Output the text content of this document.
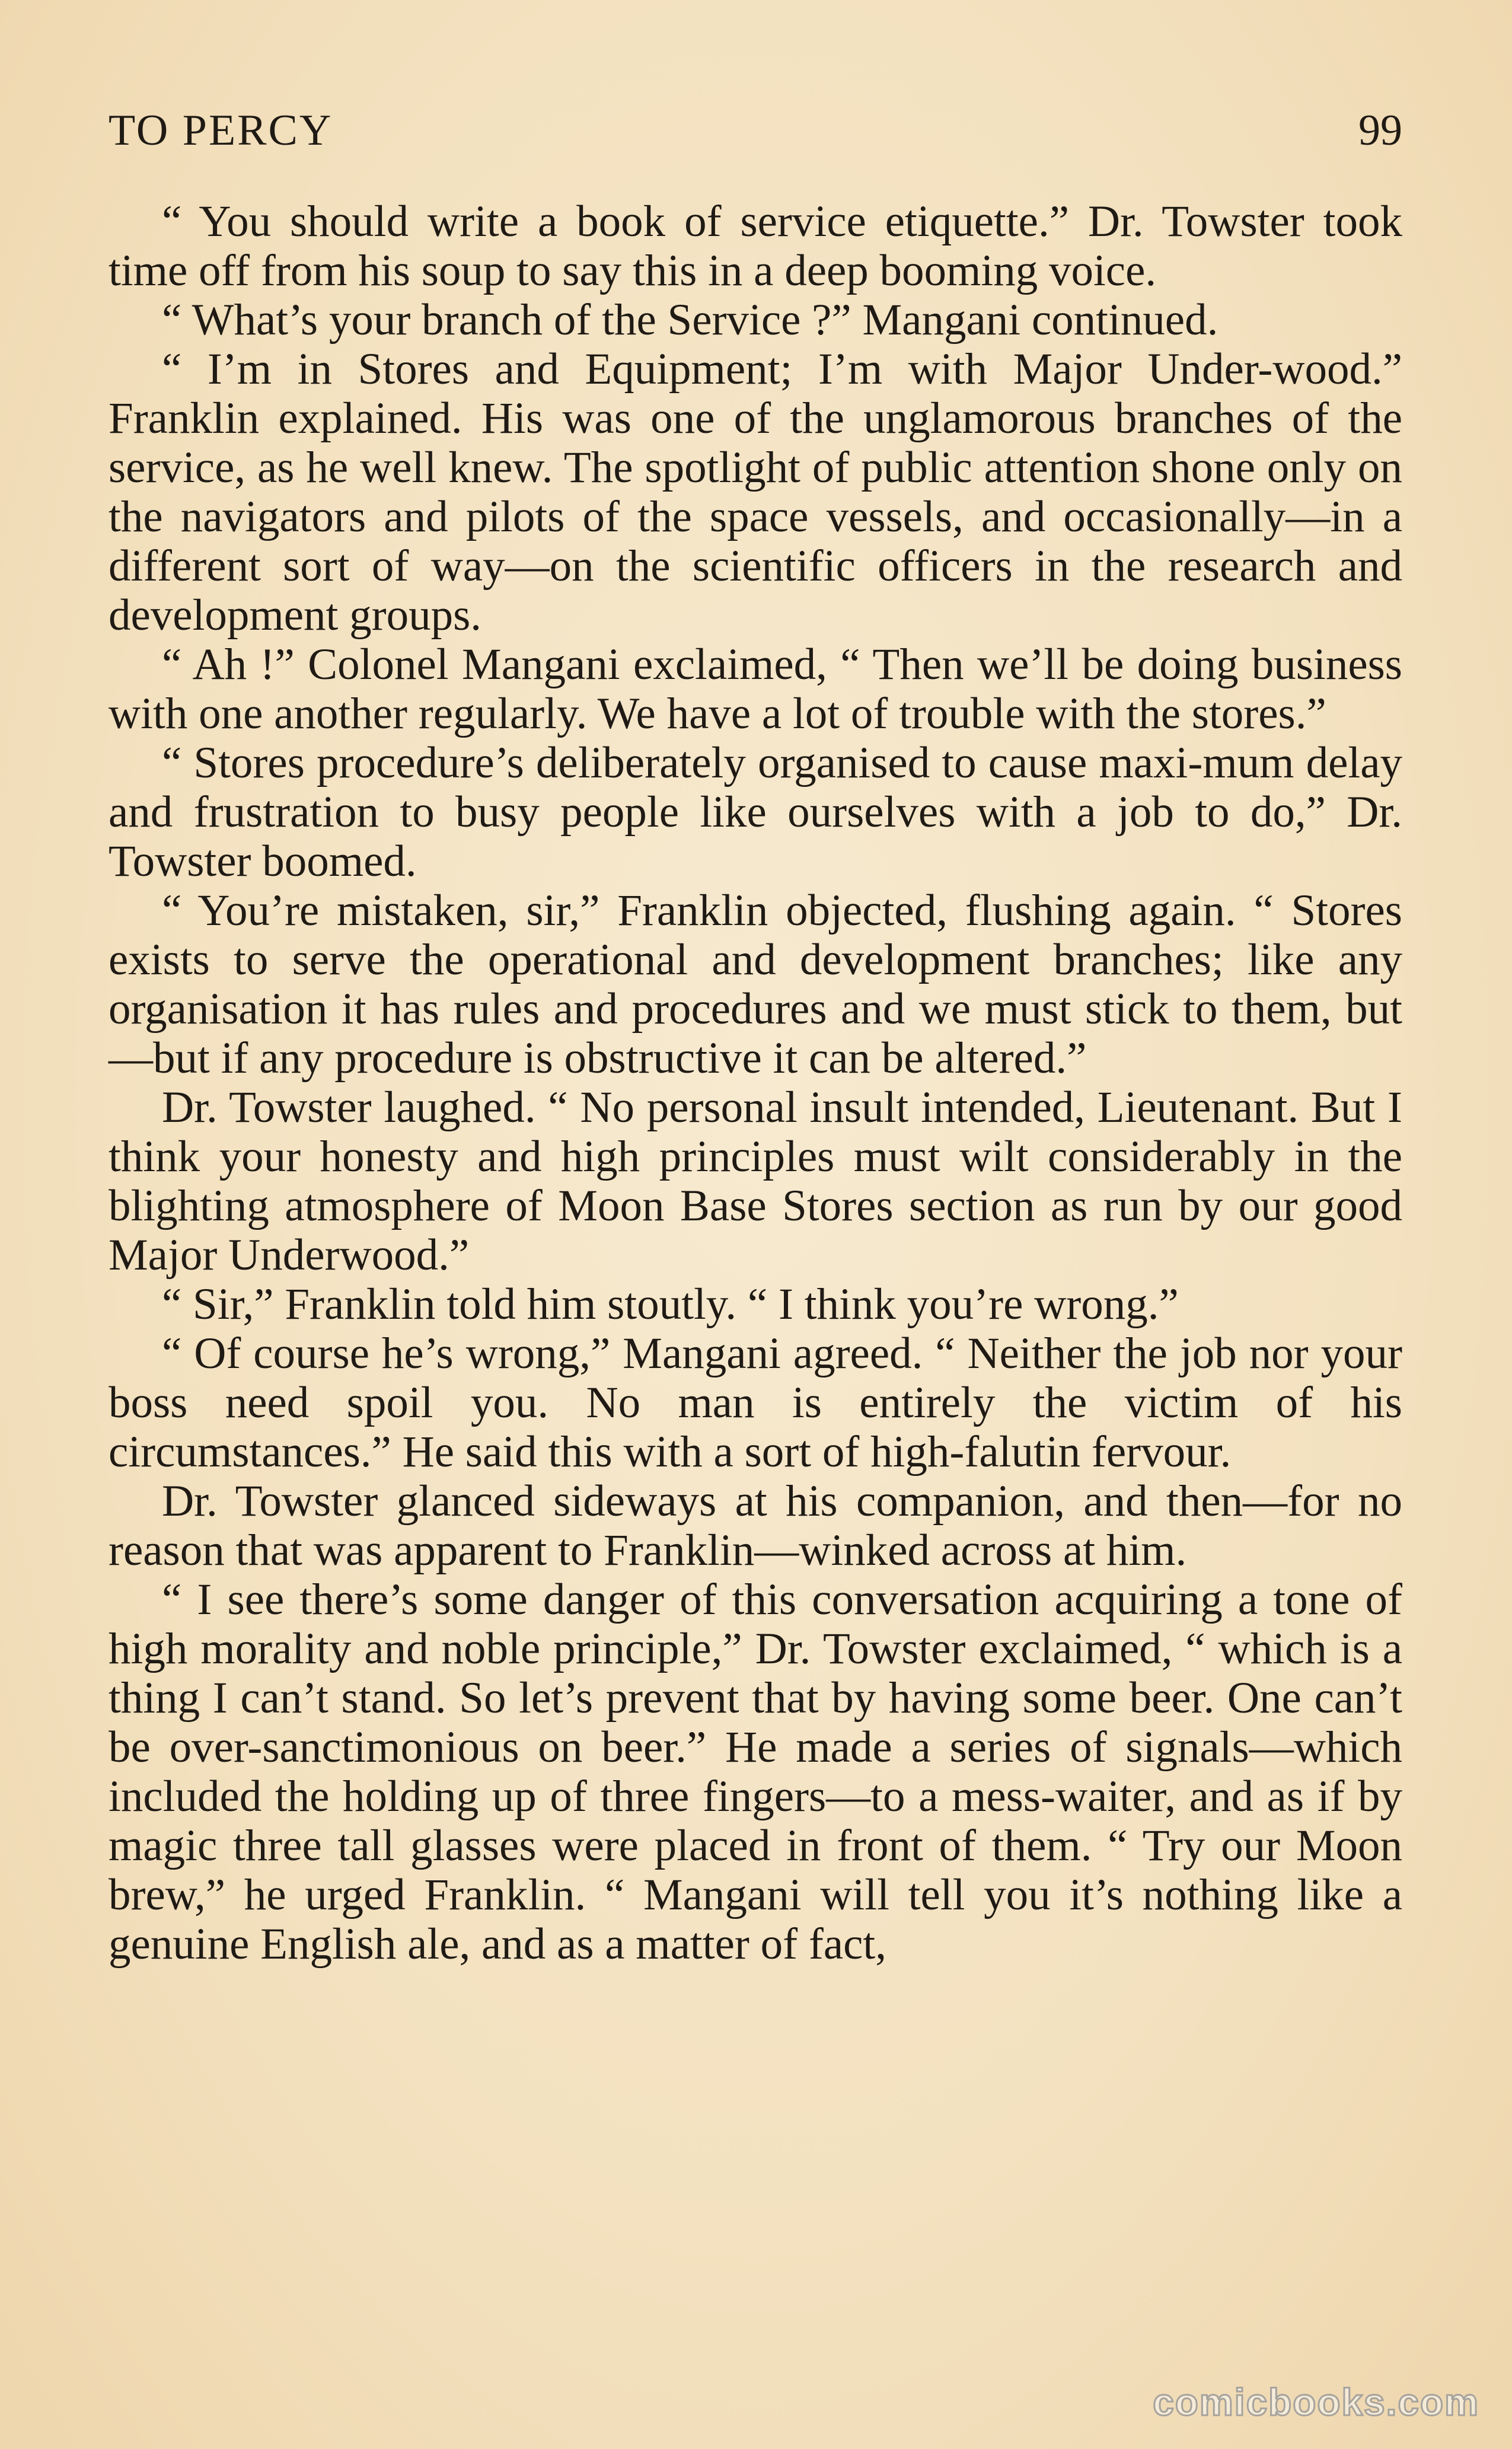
TO PERCY	99

“ You should write a book of service etiquette.” Dr. Towster took time off from his soup to say this in a deep booming voice.

“ What’s your branch of the Service ?” Mangani continued.

“ I’m in Stores and Equipment; I’m with Major Under-wood.” Franklin explained. His was one of the unglamorous branches of the service, as he well knew. The spotlight of public attention shone only on the navigators and pilots of the space vessels, and occasionally—in a different sort of way—on the scientific officers in the research and development groups.

“ Ah !” Colonel Mangani exclaimed, “ Then we’ll be doing business with one another regularly. We have a lot of trouble with the stores.”

“ Stores procedure’s deliberately organised to cause maxi-mum delay and frustration to busy people like ourselves with a job to do,” Dr. Towster boomed.

“ You’re mistaken, sir,” Franklin objected, flushing again. “ Stores exists to serve the operational and development branches; like any organisation it has rules and procedures and we must stick to them, but—but if any procedure is obstructive it can be altered.”

Dr. Towster laughed. “ No personal insult intended, Lieutenant. But I think your honesty and high principles must wilt considerably in the blighting atmosphere of Moon Base Stores section as run by our good Major Underwood.”

“ Sir,” Franklin told him stoutly. “ I think you’re wrong.”

“ Of course he’s wrong,” Mangani agreed. “ Neither the job nor your boss need spoil you. No man is entirely the victim of his circumstances.” He said this with a sort of high-falutin fervour.

Dr. Towster glanced sideways at his companion, and then—for no reason that was apparent to Franklin—winked across at him.

“ I see there’s some danger of this conversation acquiring a tone of high morality and noble principle,” Dr. Towster exclaimed, “ which is a thing I can’t stand. So let’s prevent that by having some beer. One can’t be over-sanctimonious on beer.” He made a series of signals—which included the holding up of three fingers—to a mess-waiter, and as if by magic three tall glasses were placed in front of them. “ Try our Moon brew,” he urged Franklin. “ Mangani will tell you it’s nothing like a genuine English ale, and as a matter of fact,

comicbooks.com
